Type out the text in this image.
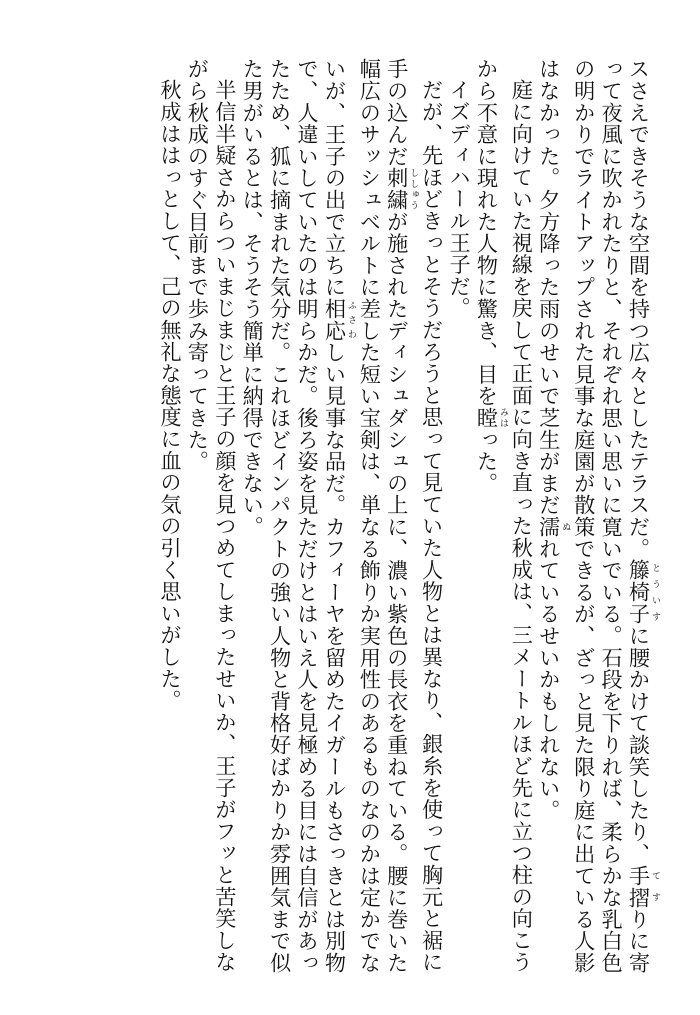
スさえできそうな空間を持つ広々としたテラスだ。籐椅子とういすに腰かけて談笑したり、手摺てすりに寄
って夜風に吹かれたりと、それぞれ思い思いに寛いでいる。石段を下りれば、柔らかな乳白色
の明かりでライトアップされた見事な庭園が散策できるが、ざっと見た限り庭に出ている人影
はなかった。夕方降った雨のせいで芝生がまだ濡ぬれているせいかもしれない。
庭に向けていた視線を戻して正面に向き直った秋成は、三メートルほど先に立つ柱の向こう
から不意に現れた人物に驚き、目を瞠みはった。
イズディハール王子だ。
だが、先ほどきっとそうだろうと思って見ていた人物とは異なり、銀糸を使って胸元と裾に
手の込んだ刺繍ししゅうが施されたディシュダシュの上に、濃い紫色の長衣を重ねている。腰に巻いた
幅広のサッシュベルトに差した短い宝剣は、単なる飾りか実用性のあるものなのかは定かでな
いが、王子の出で立ちに相応ふさわしい見事な品だ。カフィーヤを留めたイガールもさっきとは別物
で、人違いしていたのは明らかだ。後ろ姿を見ただけとはいえ人を見極める目には自信があっ
たため、狐に摘まれた気分だ。これほどインパクトの強い人物と背格好ばかりか雰囲気まで似
た男がいるとは、そうそう簡単に納得できない。
半信半疑さからついまじまじと王子の顔を見つめてしまったせいか、王子がフッと苦笑しな
がら秋成のすぐ目前まで歩み寄ってきた。
秋成ははっとして、己の無礼な態度に血の気の引く思いがした。
